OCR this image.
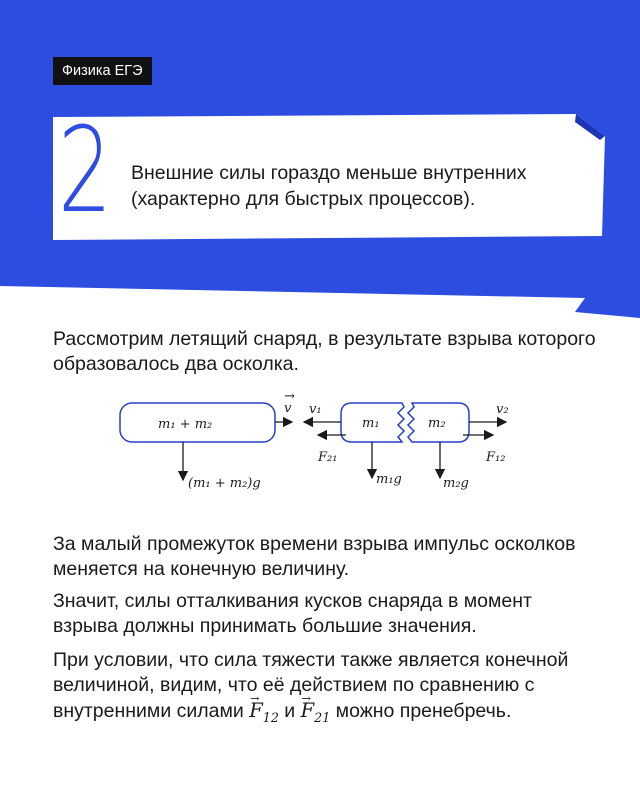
Физика ЕГЭ
2 Внешние силы гораздо меньше внутренних (характерно для быстрых процессов).
Рассмотрим летящий снаряд, в результате взрыва которого образовалось два осколка.
m₁ + m₂
v
→
(m₁ + m₂)g
m₁
v₁
F₂₁
m₁g
m₂
v₂
F₁₂
m₂g
За малый промежуток времени взрыва импульс осколков меняется на конечную величину.
Значит, силы отталкивания кусков снаряда в момент взрыва должны принимать большие значения.
При условии, что сила тяжести также является конечной величиной, видим, что её действием по сравнению с внутренними силами → $F_{12}$ $и \to F_{21}$ можно пренебречь.
